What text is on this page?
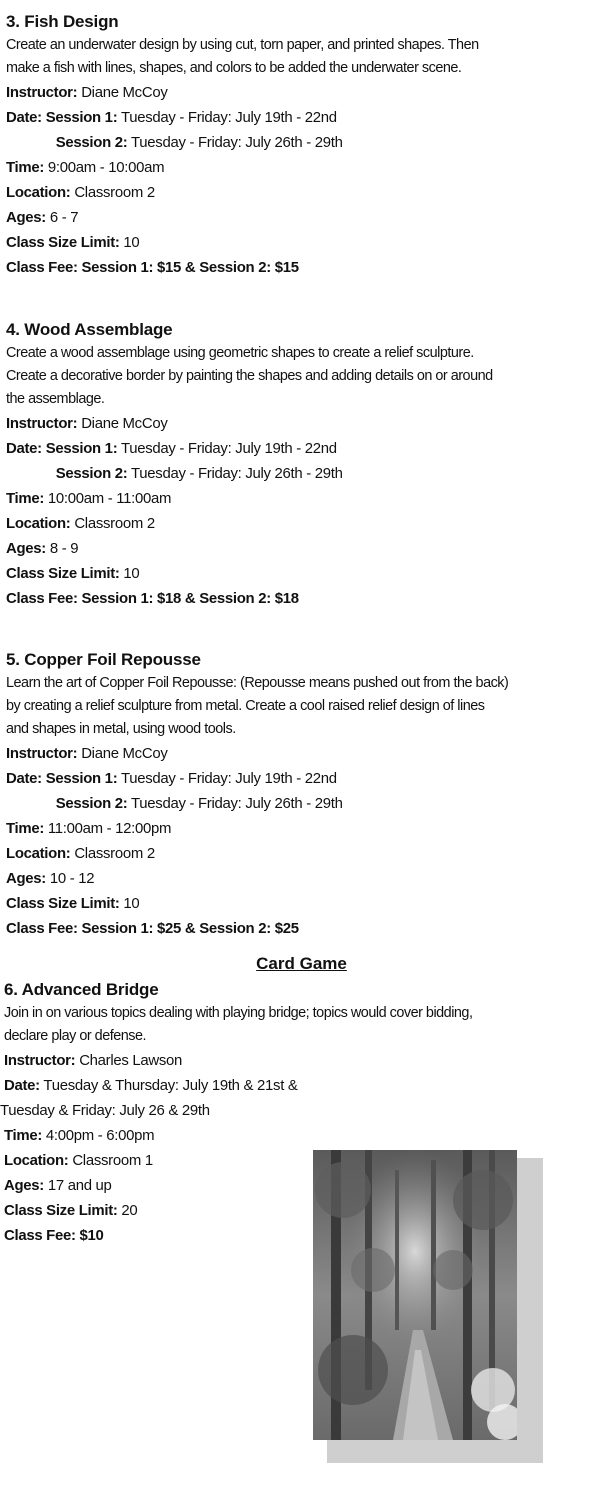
3. Fish Design
Create an underwater design by using cut, torn paper, and printed shapes. Then
make a fish with lines, shapes, and colors to be added the underwater scene.
Instructor: Diane McCoy
Date: Session 1: Tuesday - Friday: July 19th - 22nd
Session 2: Tuesday - Friday: July 26th - 29th
Time: 9:00am - 10:00am
Location: Classroom 2
Ages: 6 - 7
Class Size Limit: 10
Class Fee: Session 1: $15 & Session 2: $15
4. Wood Assemblage
Create a wood assemblage using geometric shapes to create a relief sculpture.
Create a decorative border by painting the shapes and adding details on or around
the assemblage.
Instructor: Diane McCoy
Date: Session 1: Tuesday - Friday: July 19th - 22nd
Session 2: Tuesday - Friday: July 26th - 29th
Time: 10:00am - 11:00am
Location: Classroom 2
Ages: 8 - 9
Class Size Limit: 10
Class Fee: Session 1: $18 & Session 2: $18
5. Copper Foil Repousse
Learn the art of Copper Foil Repousse: (Repousse means pushed out from the back)
by creating a relief sculpture from metal. Create a cool raised relief design of lines
and shapes in metal, using wood tools.
Instructor: Diane McCoy
Date: Session 1: Tuesday - Friday: July 19th - 22nd
Session 2: Tuesday - Friday: July 26th - 29th
Time: 11:00am - 12:00pm
Location: Classroom 2
Ages: 10 - 12
Class Size Limit: 10
Class Fee: Session 1: $25 & Session 2: $25
Card Game
6. Advanced Bridge
Join in on various topics dealing with playing bridge; topics would cover bidding,
declare play or defense.
Instructor: Charles Lawson
Date: Tuesday & Thursday: July 19th & 21st &
Tuesday & Friday: July 26 & 29th
Time: 4:00pm - 6:00pm
Location: Classroom 1
Ages: 17 and up
Class Size Limit: 20
Class Fee: $10
